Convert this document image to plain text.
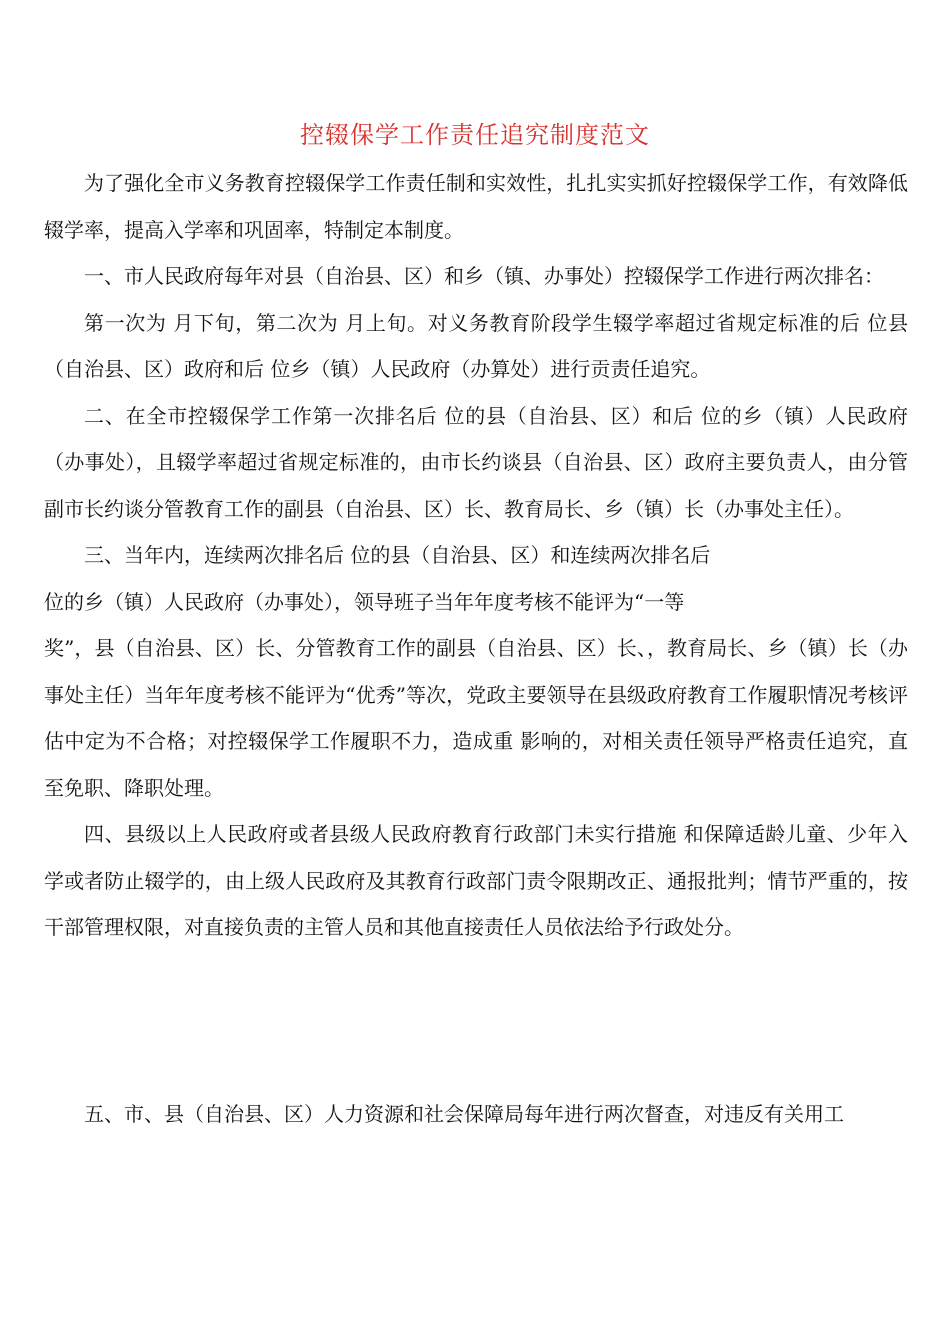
控辍保学工作责任追究制度范文

为了强化全市义务教育控辍保学工作责任制和实效性，扎扎实实抓好控辍保学工作，有效降低辍学率，提高入学率和巩固率，特制定本制度。

一、市人民政府每年对县（自治县、区）和乡（镇、办事处）控辍保学工作进行两次排名：

第一次为 月下旬，第二次为 月上旬。对义务教育阶段学生辍学率超过省规定标准的后 位县（自治县、区）政府和后 位乡（镇）人民政府（办算处）进行贡责任追究。

二、在全市控辍保学工作第一次排名后 位的县（自治县、区）和后 位的乡（镇）人民政府（办事处），且辍学率超过省规定标准的，由市长约谈县（自治县、区）政府主要负责人，由分管副市长约谈分管教育工作的副县（自治县、区）长、教育局长、乡（镇）长（办事处主任）。

三、当年内，连续两次排名后 位的县（自治县、区）和连续两次排名后

位的乡（镇）人民政府（办事处），领导班子当年年度考核不能评为“一等

奖”，县（自治县、区）长、分管教育工作的副县（自治县、区）长、，教育局长、乡（镇）长（办事处主任）当年年度考核不能评为“优秀”等次，党政主要领导在县级政府教育工作履职情况考核评估中定为不合格；对控辍保学工作履职不力，造成重 影响的，对相关责任领导严格责任追究，直至免职、降职处理。

四、县级以上人民政府或者县级人民政府教育行政部门未实行措施 和保障适龄儿童、少年入学或者防止辍学的，由上级人民政府及其教育行政部门责令限期改正、通报批判；情节严重的，按干部管理权限，对直接负责的主管人员和其他直接责任人员依法给予行政处分。

五、市、县（自治县、区）人力资源和社会保障局每年进行两次督查，对违反有关用工
